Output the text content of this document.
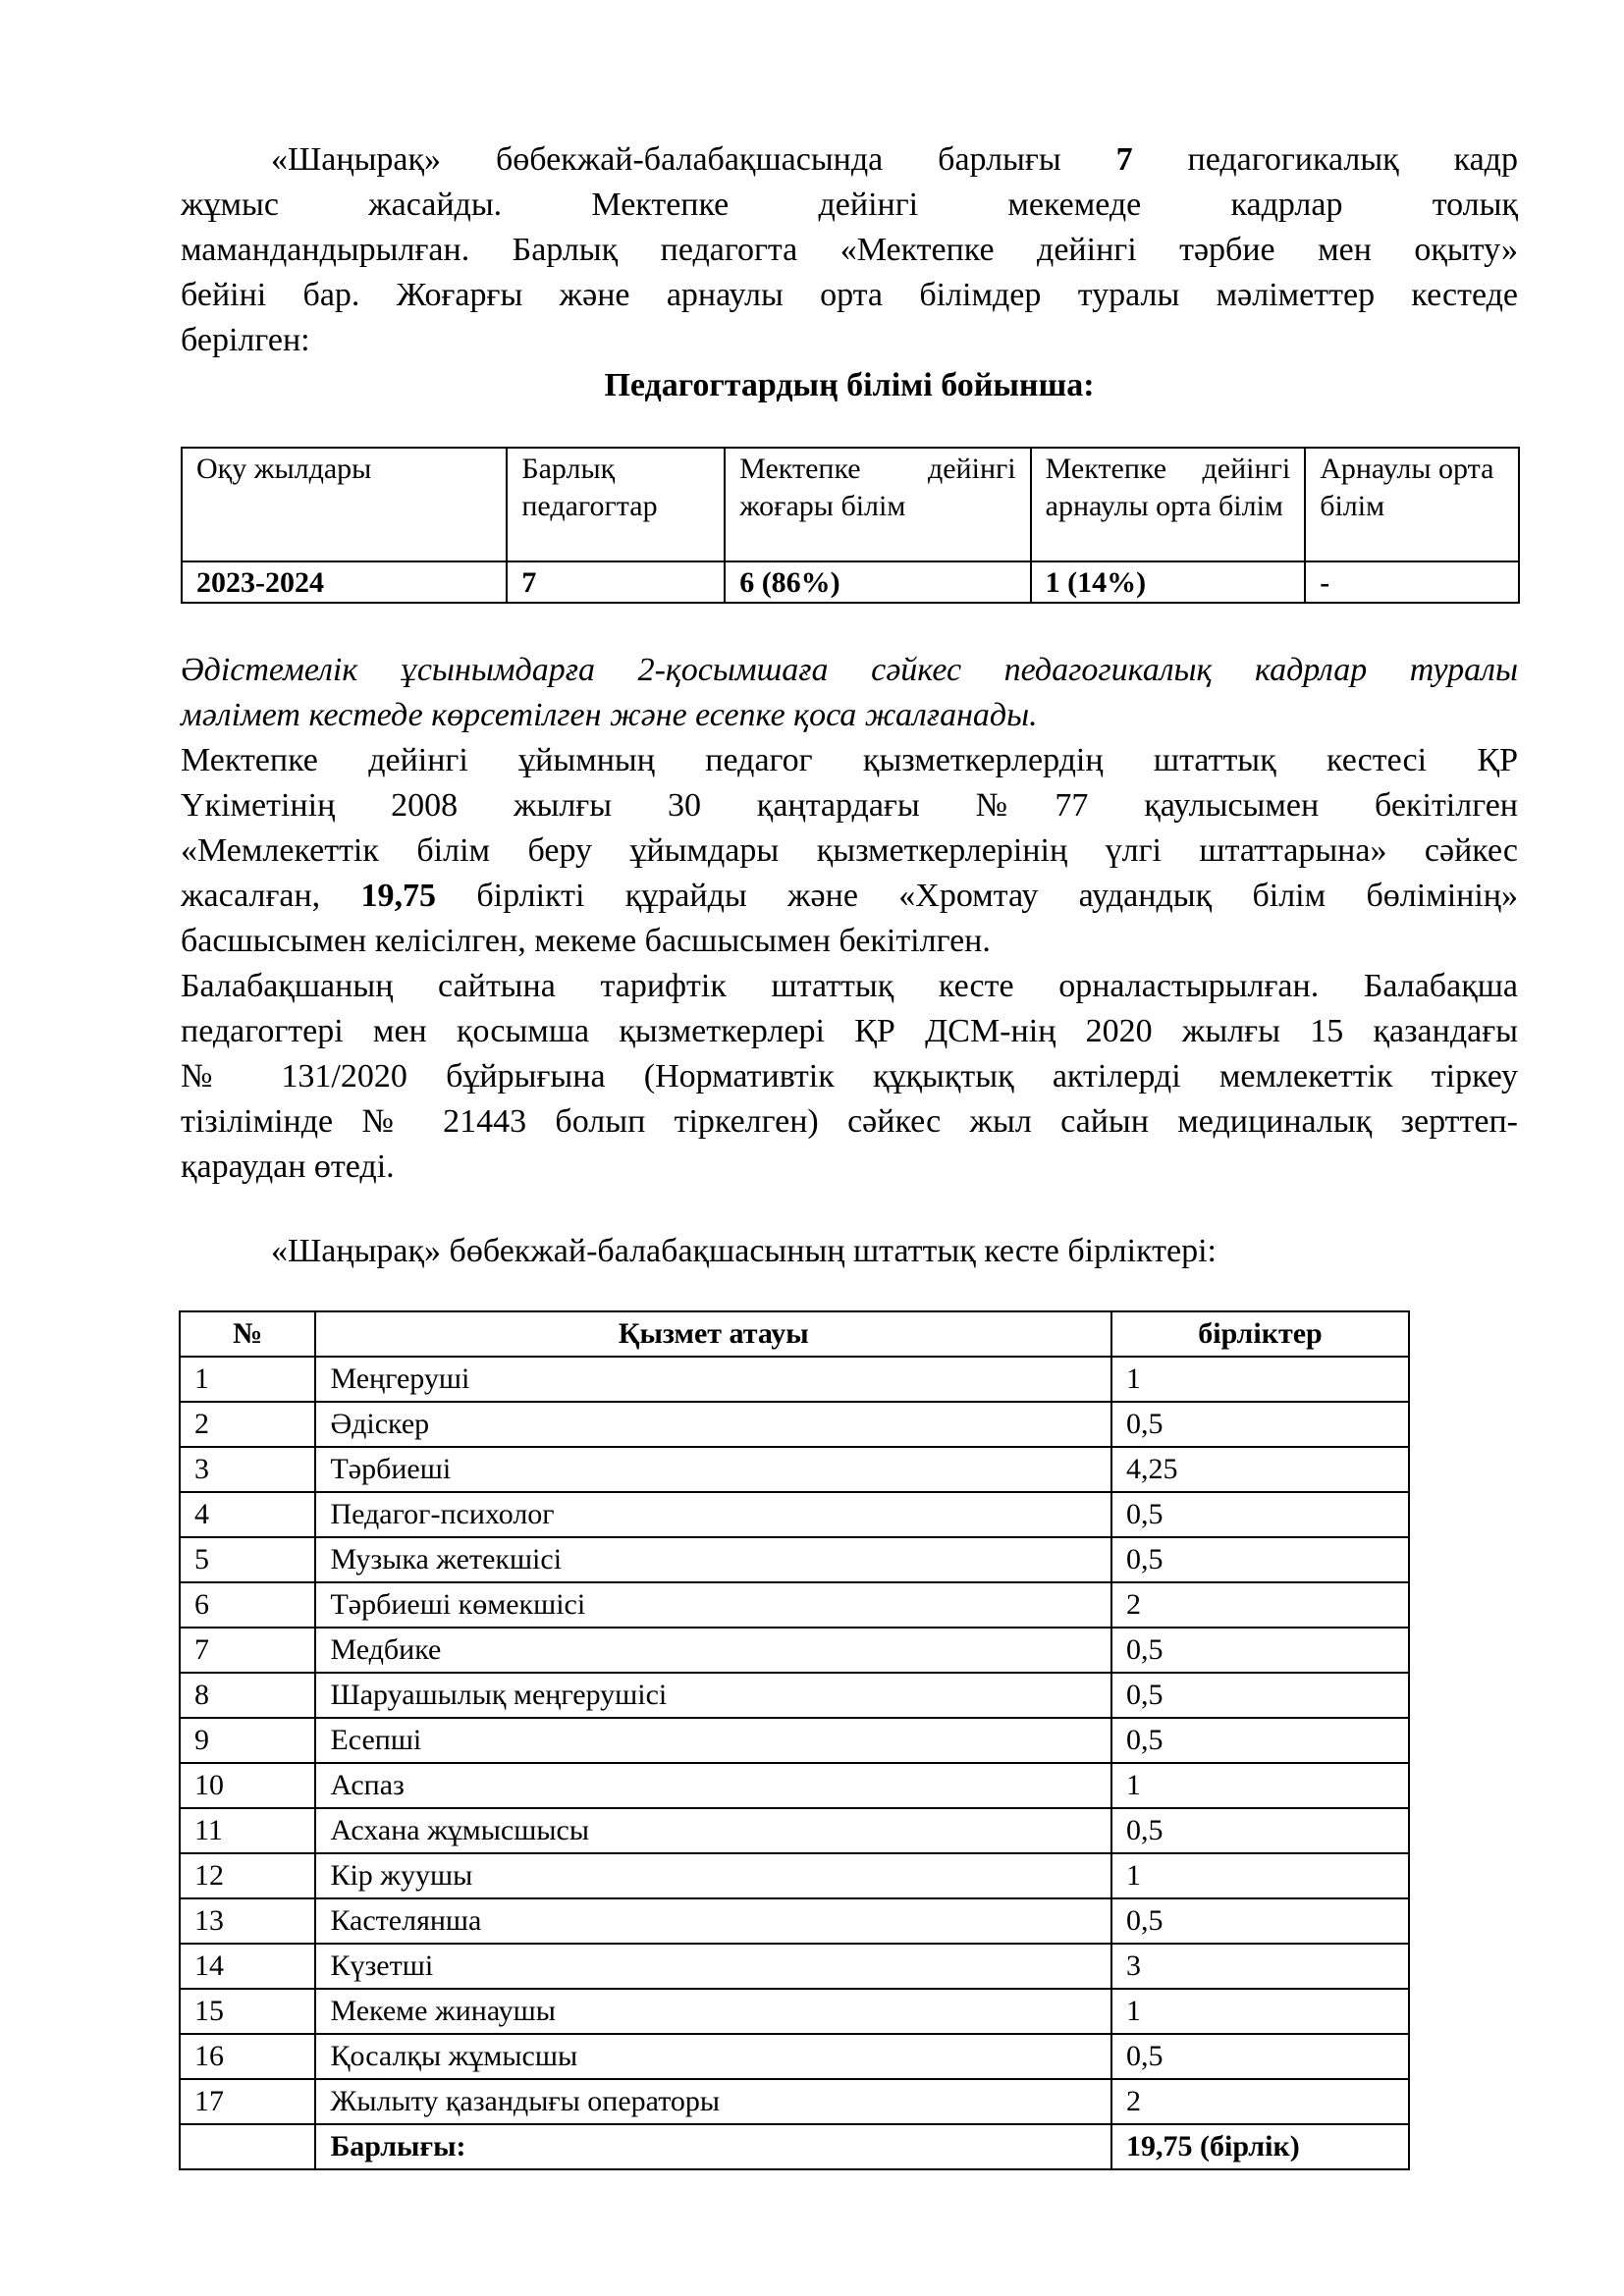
«Шаңырақ» бөбекжай-балабақшасында барлығы 7 педагогикалық кадр
жұмыс жасайды. Мектепке дейінгі мекемеде кадрлар толық
мамандандырылған. Барлық педагогта «Мектепке дейінгі тәрбие мен оқыту»
бейіні бар. Жоғарғы және арнаулы орта білімдер туралы мәліметтер кестеде
берілген:
Педагогтардың білімі бойынша:
Оқу жылдары	Барлық педагогтар	Мектепке дейінгі жоғары білім	Мектепке дейінгі арнаулы орта білім	Арнаулы орта білім
2023-2024	7	6 (86%)	1 (14%)	-
Әдістемелік ұсынымдарға 2-қосымшаға сәйкес педагогикалық кадрлар туралы
мәлімет кестеде көрсетілген және есепке қоса жалғанады.
Мектепке дейінгі ұйымның педагог қызметкерлердің штаттық кестесі ҚР
Үкіметінің 2008 жылғы 30 қаңтардағы №77 қаулысымен бекітілген
«Мемлекеттік білім беру ұйымдары қызметкерлерінің үлгі штаттарына» сәйкес
жасалған, 19,75 бірлікті құрайды және «Хромтау аудандық білім бөлімінің»
басшысымен келісілген, мекеме басшысымен бекітілген.
Балабақшаның сайтына тарифтік штаттық кесте орналастырылған. Балабақша
педагогтері мен қосымша қызметкерлері ҚР ДСМ-нің 2020 жылғы 15 қазандағы
№ 131/2020 бұйрығына (Нормативтік құқықтық актілерді мемлекеттік тіркеу
тізілімінде № 21443 болып тіркелген) сәйкес жыл сайын медициналық зерттеп-
қараудан өтеді.
«Шаңырақ» бөбекжай-балабақшасының штаттық кесте бірліктері:
№	Қызмет атауы	бірліктер
1	Меңгеруші	1
2	Әдіскер	0,5
3	Тәрбиеші	4,25
4	Педагог-психолог	0,5
5	Музыка жетекшісі	0,5
6	Тәрбиеші көмекшісі	2
7	Медбике	0,5
8	Шаруашылық меңгерушісі	0,5
9	Есепші	0,5
10	Аспаз	1
11	Асхана жұмысшысы	0,5
12	Кір жуушы	1
13	Кастелянша	0,5
14	Күзетші	3
15	Мекеме жинаушы	1
16	Қосалқы жұмысшы	0,5
17	Жылыту қазандығы операторы	2
	Барлығы:	19,75 (бірлік)
